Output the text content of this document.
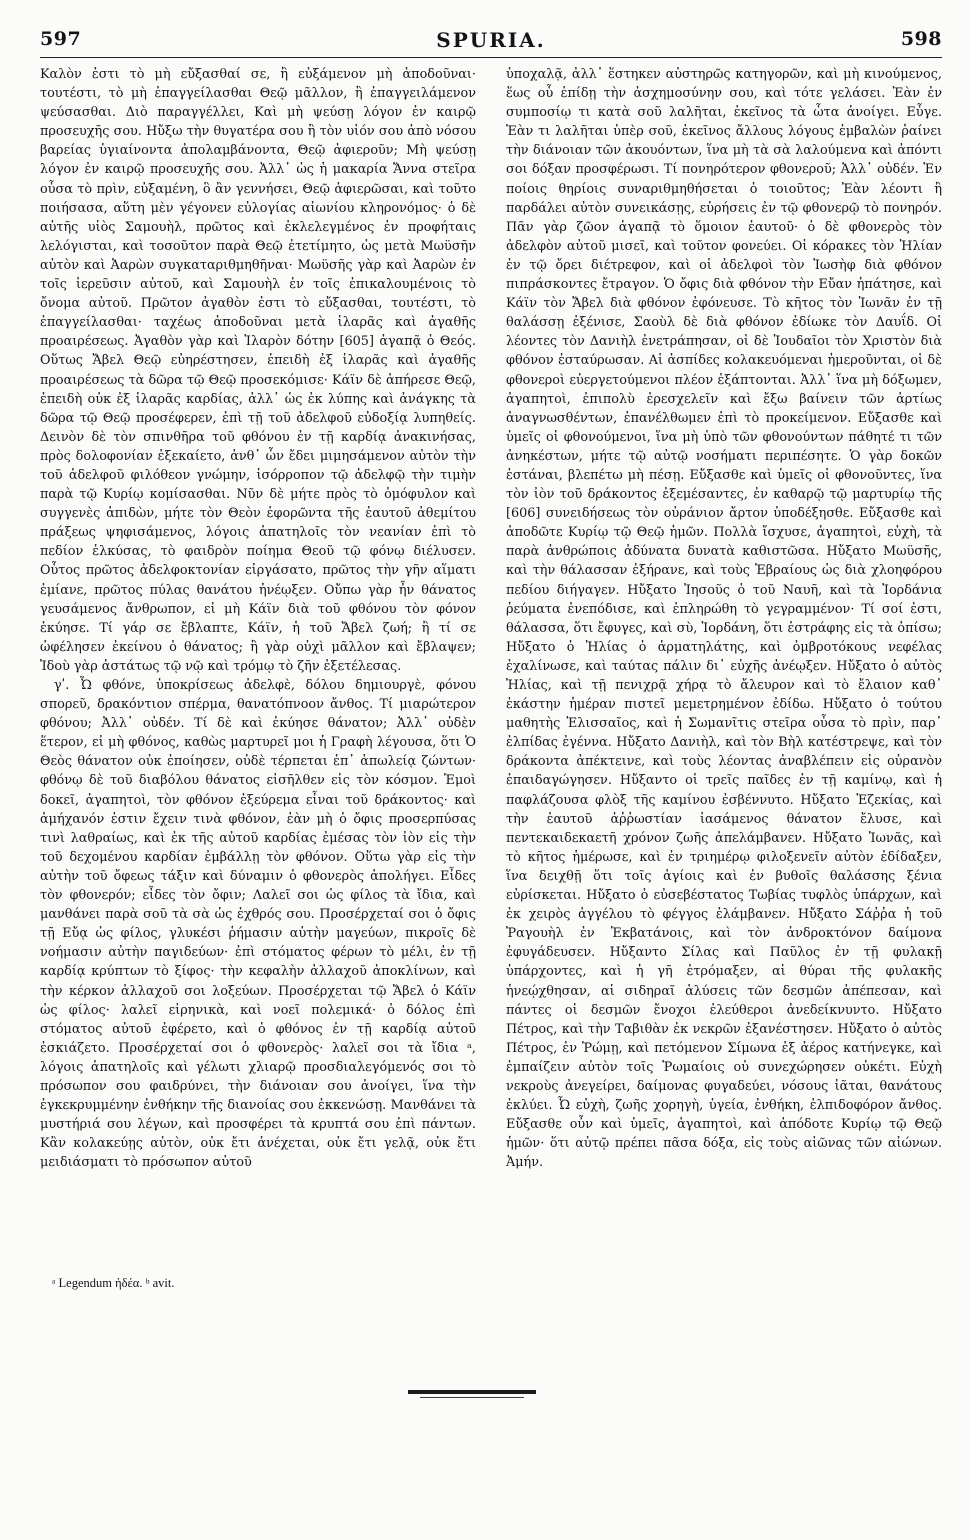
597	SPURIA.	598

Καλὸν ἐστι τὸ μὴ εὔξασθαί σε, ἢ εὐξάμενον μὴ ἀποδοῦναι· τουτέστι, τὸ μὴ ἐπαγγείλασθαι Θεῷ μᾶλλον, ἢ ἐπαγγειλάμενον ψεύσασθαι. Διὸ παραγγέλλει, Καὶ μὴ ψεύσῃ λόγον ἐν καιρῷ προσευχῆς σου. Ηὔξω τὴν θυγατέρα σου ἢ τὸν υἱόν σου ἀπὸ νόσου βαρείας ὑγιαίνοντα ἀπολαμβάνοντα, Θεῷ ἀφιεροῦν; Μὴ ψεύσῃ λόγον ἐν καιρῷ προσευχῆς σου. Ἀλλ᾽ ὡς ἡ μακαρία Ἄννα στεῖρα οὖσα τὸ πρὶν, εὐξαμένη, ὃ ἂν γεννήσει, Θεῷ ἀφιερῶσαι, καὶ τοῦτο ποιήσασα, αὕτη μὲν γέγονεν εὐλογίας αἰωνίου κληρονόμος· ὁ δὲ αὐτῆς υἱὸς Σαμουὴλ, πρῶτος καὶ ἐκλελεγμένος ἐν προφήταις λελόγισται, καὶ τοσοῦτον παρὰ Θεῷ ἐτετίμητο, ὡς μετὰ Μωϋσῆν αὐτὸν καὶ Ἀαρὼν συγκαταριθμηθῆναι· Μωϋσῆς γὰρ καὶ Ἀαρὼν ἐν τοῖς ἱερεῦσιν αὐτοῦ, καὶ Σαμουὴλ ἐν τοῖς ἐπικαλουμένοις τὸ ὄνομα αὐτοῦ. Πρῶτον ἀγαθὸν ἐστι τὸ εὔξασθαι, τουτέστι, τὸ ἐπαγγείλασθαι· ταχέως ἀποδοῦναι μετὰ ἱλαρᾶς καὶ ἀγαθῆς προαιρέσεως. Ἀγαθὸν γὰρ καὶ Ἱλαρὸν δότην [605] ἀγαπᾷ ὁ Θεός. Οὕτως Ἄβελ Θεῷ εὐηρέστησεν, ἐπειδὴ ἐξ ἱλαρᾶς καὶ ἀγαθῆς προαιρέσεως τὰ δῶρα τῷ Θεῷ προσεκόμισε· Κάϊν δὲ ἀπήρεσε Θεῷ, ἐπειδὴ οὐκ ἐξ ἱλαρᾶς καρδίας, ἀλλ᾽ ὡς ἐκ λύπης καὶ ἀνάγκης τὰ δῶρα τῷ Θεῷ προσέφερεν, ἐπὶ τῇ τοῦ ἀδελφοῦ εὐδοξίᾳ λυπηθείς. Δεινὸν δὲ τὸν σπινθῆρα τοῦ φθόνου ἐν τῇ καρδίᾳ ἀνακινήσας, πρὸς δολοφονίαν ἐξεκαίετο, ἀνθ᾽ ὧν ἔδει μιμησάμενον αὐτὸν τὴν τοῦ ἀδελφοῦ φιλόθεον γνώμην, ἰσόρροπον τῷ ἀδελφῷ τὴν τιμὴν παρὰ τῷ Κυρίῳ κομίσασθαι. Νῦν δὲ μήτε πρὸς τὸ ὁμόφυλον καὶ συγγενὲς ἀπιδὼν, μήτε τὸν Θεὸν ἐφορῶντα τῆς ἑαυτοῦ ἀθεμίτου πράξεως ψηφισάμενος, λόγοις ἀπατηλοῖς τὸν νεανίαν ἐπὶ τὸ πεδίον ἑλκύσας, τὸ φαιδρὸν ποίημα Θεοῦ τῷ φόνῳ διέλυσεν. Οὗτος πρῶτος ἀδελφοκτονίαν εἰργάσατο, πρῶτος τὴν γῆν αἵματι ἐμίανε, πρῶτος πύλας θανάτου ἠνέῳξεν. Οὔπω γὰρ ἦν θάνατος γευσάμενος ἄνθρωπον, εἰ μὴ Κάϊν διὰ τοῦ φθόνου τὸν φόνον ἐκύησε. Τί γάρ σε ἔβλαπτε, Κάϊν, ἡ τοῦ Ἄβελ ζωή; ἢ τί σε ὠφέλησεν ἐκείνου ὁ θάνατος; ἢ γὰρ οὐχὶ μᾶλλον καὶ ἔβλαψεν; Ἰδοὺ γὰρ ἀστάτως τῷ νῷ καὶ τρόμῳ τὸ ζῆν ἐξετέλεσας.

γʹ. Ὦ φθόνε, ὑποκρίσεως ἀδελφὲ, δόλου δημιουργὲ, φόνου σπορεῦ, δρακόντιον σπέρμα, θανατόπνοον ἄνθος. Τί μιαρώτερον φθόνου; Ἀλλ᾽ οὐδέν. Τί δὲ καὶ ἐκύησε θάνατον; Ἀλλ᾽ οὐδὲν ἕτερον, εἰ μὴ φθόνος, καθὼς μαρτυρεῖ μοι ἡ Γραφὴ λέγουσα, ὅτι Ὁ Θεὸς θάνατον οὐκ ἐποίησεν, οὐδὲ τέρπεται ἐπ᾽ ἀπωλείᾳ ζώντων· φθόνῳ δὲ τοῦ διαβόλου θάνατος εἰσῆλθεν εἰς τὸν κόσμον. Ἐμοὶ δοκεῖ, ἀγαπητοὶ, τὸν φθόνον ἐξεύρεμα εἶναι τοῦ δράκοντος· καὶ ἀμήχανόν ἐστιν ἔχειν τινὰ φθόνον, ἐὰν μὴ ὁ ὄφις προσερπύσας τινὶ λαθραίως, καὶ ἐκ τῆς αὐτοῦ καρδίας ἐμέσας τὸν ἰὸν εἰς τὴν τοῦ δεχομένου καρδίαν ἐμβάλλῃ τὸν φθόνον. Οὕτω γὰρ εἰς τὴν αὐτὴν τοῦ ὄφεως τάξιν καὶ δύναμιν ὁ φθονερὸς ἀπολήγει. Εἶδες τὸν φθονερόν; εἶδες τὸν ὄφιν; Λαλεῖ σοι ὡς φίλος τὰ ἴδια, καὶ μανθάνει παρὰ σοῦ τὰ σὰ ὡς ἐχθρός σου. Προσέρχεταί σοι ὁ ὄφις τῇ Εὔᾳ ὡς φίλος, γλυκέσι ῥήμασιν αὐτὴν μαγεύων, πικροῖς δὲ νοήμασιν αὐτὴν παγιδεύων· ἐπὶ στόματος φέρων τὸ μέλι, ἐν τῇ καρδίᾳ κρύπτων τὸ ξίφος· τὴν κεφαλὴν ἀλλαχοῦ ἀποκλίνων, καὶ τὴν κέρκον ἀλλαχοῦ σοι λοξεύων. Προσέρχεται τῷ Ἄβελ ὁ Κάϊν ὡς φίλος· λαλεῖ εἰρηνικὰ, καὶ νοεῖ πολεμικά· ὁ δόλος ἐπὶ στόματος αὐτοῦ ἐφέρετο, καὶ ὁ φθόνος ἐν τῇ καρδίᾳ αὐτοῦ ἐσκιάζετο. Προσέρχεταί σοι ὁ φθονερὸς· λαλεῖ σοι τὰ ἴδια ᵃ, λόγοις ἀπατηλοῖς καὶ γέλωτι χλιαρῷ προσδιαλεγόμενός σοι τὸ πρόσωπον σου φαιδρύνει, τὴν διάνοιαν σου ἀνοίγει, ἵνα τὴν ἐγκεκρυμμένην ἐνθήκην τῆς διανοίας σου ἐκκενώσῃ. Μανθάνει τὰ μυστήριά σου λέγων, καὶ προσφέρει τὰ κρυπτά σου ἐπὶ πάντων. Κἂν κολακεύῃς αὐτὸν, οὐκ ἔτι ἀνέχεται, οὐκ ἔτι γελᾷ, οὐκ ἔτι μειδιάσματι τὸ πρόσωπον αὐτοῦ

ὑποχαλᾷ, ἀλλ᾽ ἕστηκεν αὐστηρῶς κατηγορῶν, καὶ μὴ κινούμενος, ἕως οὗ ἐπίδῃ τὴν ἀσχημοσύνην σου, καὶ τότε γελάσει. Ἐὰν ἐν συμποσίῳ τι κατὰ σοῦ λαλῆται, ἐκεῖνος τὰ ὦτα ἀνοίγει. Εὖγε. Ἐὰν τι λαλῆται ὑπὲρ σοῦ, ἐκεῖνος ἄλλους λόγους ἐμβαλὼν ῥαίνει τὴν διάνοιαν τῶν ἀκουόντων, ἵνα μὴ τὰ σὰ λαλούμενα καὶ ἀπόντι σοι δόξαν προσφέρωσι. Τί πονηρότερον φθονεροῦ; Ἀλλ᾽ οὐδέν. Ἐν ποίοις θηρίοις συναριθμηθήσεται ὁ τοιοῦτος; Ἐὰν λέοντι ἢ παρδάλει αὐτὸν συνεικάσῃς, εὑρήσεις ἐν τῷ φθονερῷ τὸ πονηρόν. Πᾶν γὰρ ζῶον ἀγαπᾷ τὸ ὅμοιον ἑαυτοῦ· ὁ δὲ φθονερὸς τὸν ἀδελφὸν αὐτοῦ μισεῖ, καὶ τοῦτον φονεύει. Οἱ κόρακες τὸν Ἠλίαν ἐν τῷ ὄρει διέτρεφον, καὶ οἱ ἀδελφοὶ τὸν Ἰωσὴφ διὰ φθόνον πιπράσκοντες ἔτραγον. Ὁ ὄφις διὰ φθόνον τὴν Εὔαν ἠπάτησε, καὶ Κάϊν τὸν Ἄβελ διὰ φθόνον ἐφόνευσε. Τὸ κῆτος τὸν Ἰωνᾶν ἐν τῇ θαλάσσῃ ἐξένισε, Σαοὺλ δὲ διὰ φθόνον ἐδίωκε τὸν Δαυΐδ. Οἱ λέοντες τὸν Δανιὴλ ἐνετράπησαν, οἱ δὲ Ἰουδαῖοι τὸν Χριστὸν διὰ φθόνον ἐσταύρωσαν. Αἱ ἀσπίδες κολακευόμεναι ἡμεροῦνται, οἱ δὲ φθονεροὶ εὐεργετούμενοι πλέον ἐξάπτονται. Ἀλλ᾽ ἵνα μὴ δόξωμεν, ἀγαπητοὶ, ἐπιπολὺ ἐρεσχελεῖν καὶ ἔξω βαίνειν τῶν ἀρτίως ἀναγνωσθέντων, ἐπανέλθωμεν ἐπὶ τὸ προκείμενον. Εὔξασθε καὶ ὑμεῖς οἱ φθονούμενοι, ἵνα μὴ ὑπὸ τῶν φθονούντων πάθητέ τι τῶν ἀνηκέστων, μήτε τῷ αὐτῷ νοσήματι περιπέσητε. Ὁ γὰρ δοκῶν ἑστάναι, βλεπέτω μὴ πέσῃ. Εὔξασθε καὶ ὑμεῖς οἱ φθονοῦντες, ἵνα τὸν ἰὸν τοῦ δράκοντος ἐξεμέσαντες, ἐν καθαρῷ τῷ μαρτυρίῳ τῆς [606] συνειδήσεως τὸν οὐράνιον ἄρτον ὑποδέξησθε. Εὔξασθε καὶ ἀποδῶτε Κυρίῳ τῷ Θεῷ ἡμῶν. Πολλὰ ἴσχυσε, ἀγαπητοὶ, εὐχὴ, τὰ παρὰ ἀνθρώποις ἀδύνατα δυνατὰ καθιστῶσα. Ηὔξατο Μωϋσῆς, καὶ τὴν θάλασσαν ἐξήρανε, καὶ τοὺς Ἑβραίους ὡς διὰ χλοηφόρου πεδίου διήγαγεν. Ηὔξατο Ἰησοῦς ὁ τοῦ Ναυῆ, καὶ τὰ Ἰορδάνια ῥεύματα ἐνεπόδισε, καὶ ἐπληρώθη τὸ γεγραμμένον· Τί σοί ἐστι, θάλασσα, ὅτι ἔφυγες, καὶ σὺ, Ἰορδάνη, ὅτι ἐστράφης εἰς τὰ ὀπίσω; Ηὔξατο ὁ Ἠλίας ὁ ἁρματηλάτης, καὶ ὀμβροτόκους νεφέλας ἐχαλίνωσε, καὶ ταύτας πάλιν δι᾽ εὐχῆς ἀνέῳξεν. Ηὔξατο ὁ αὐτὸς Ἠλίας, καὶ τῇ πενιχρᾷ χήρᾳ τὸ ἄλευρον καὶ τὸ ἔλαιον καθ᾽ ἑκάστην ἡμέραν πιστεῖ μεμετρημένον ἐδίδω. Ηὔξατο ὁ τούτου μαθητὴς Ἐλισσαῖος, καὶ ἡ Σωμανῖτις στεῖρα οὖσα τὸ πρὶν, παρ᾽ ἐλπίδας ἐγέννα. Ηὔξατο Δανιὴλ, καὶ τὸν Βὴλ κατέστρεψε, καὶ τὸν δράκοντα ἀπέκτεινε, καὶ τοὺς λέοντας ἀναβλέπειν εἰς οὐρανὸν ἐπαιδαγώγησεν. Ηὔξαντο οἱ τρεῖς παῖδες ἐν τῇ καμίνῳ, καὶ ἡ παφλάζουσα φλὸξ τῆς καμίνου ἐσβέννυτο. Ηὔξατο Ἐζεκίας, καὶ τὴν ἑαυτοῦ ἀῤῥωστίαν ἰασάμενος θάνατον ἔλυσε, καὶ πεντεκαιδεκαετῆ χρόνον ζωῆς ἀπελάμβανεν. Ηὔξατο Ἰωνᾶς, καὶ τὸ κῆτος ἡμέρωσε, καὶ ἐν τριημέρῳ φιλοξενεῖν αὐτὸν ἐδίδαξεν, ἵνα δειχθῇ ὅτι τοῖς ἁγίοις καὶ ἐν βυθοῖς θαλάσσης ξένια εὑρίσκεται. Ηὔξατο ὁ εὐσεβέστατος Τωβίας τυφλὸς ὑπάρχων, καὶ ἐκ χειρὸς ἀγγέλου τὸ φέγγος ἐλάμβανεν. Ηὔξατο Σάῤῥα ἡ τοῦ Ῥαγουὴλ ἐν Ἐκβατάνοις, καὶ τὸν ἀνδροκτόνον δαίμονα ἐφυγάδευσεν. Ηὔξαντο Σίλας καὶ Παῦλος ἐν τῇ φυλακῇ ὑπάρχοντες, καὶ ἡ γῆ ἐτρόμαξεν, αἱ θύραι τῆς φυλακῆς ἠνεῴχθησαν, αἱ σιδηραῖ ἁλύσεις τῶν δεσμῶν ἀπέπεσαν, καὶ πάντες οἱ δεσμῶν ἔνοχοι ἐλεύθεροι ἀνεδείκνυντο. Ηὔξατο Πέτρος, καὶ τὴν Ταβιθὰν ἐκ νεκρῶν ἐξανέστησεν. Ηὔξατο ὁ αὐτὸς Πέτρος, ἐν Ῥώμῃ, καὶ πετόμενον Σίμωνα ἐξ ἀέρος κατήνεγκε, καὶ ἐμπαίζειν αὐτὸν τοῖς Ῥωμαίοις οὐ συνεχώρησεν οὐκέτι. Εὐχὴ νεκροὺς ἀνεγείρει, δαίμονας φυγαδεύει, νόσους ἰᾶται, θανάτους ἐκλύει. Ὦ εὐχὴ, ζωῆς χορηγὴ, ὑγεία, ἐνθήκη, ἐλπιδοφόρον ἄνθος. Εὔξασθε οὖν καὶ ὑμεῖς, ἀγαπητοὶ, καὶ ἀπόδοτε Κυρίῳ τῷ Θεῷ ἡμῶν· ὅτι αὐτῷ πρέπει πᾶσα δόξα, εἰς τοὺς αἰῶνας τῶν αἰώνων. Ἀμήν.

ᵃ Legendum ἡδέα. ᵇ avit.
